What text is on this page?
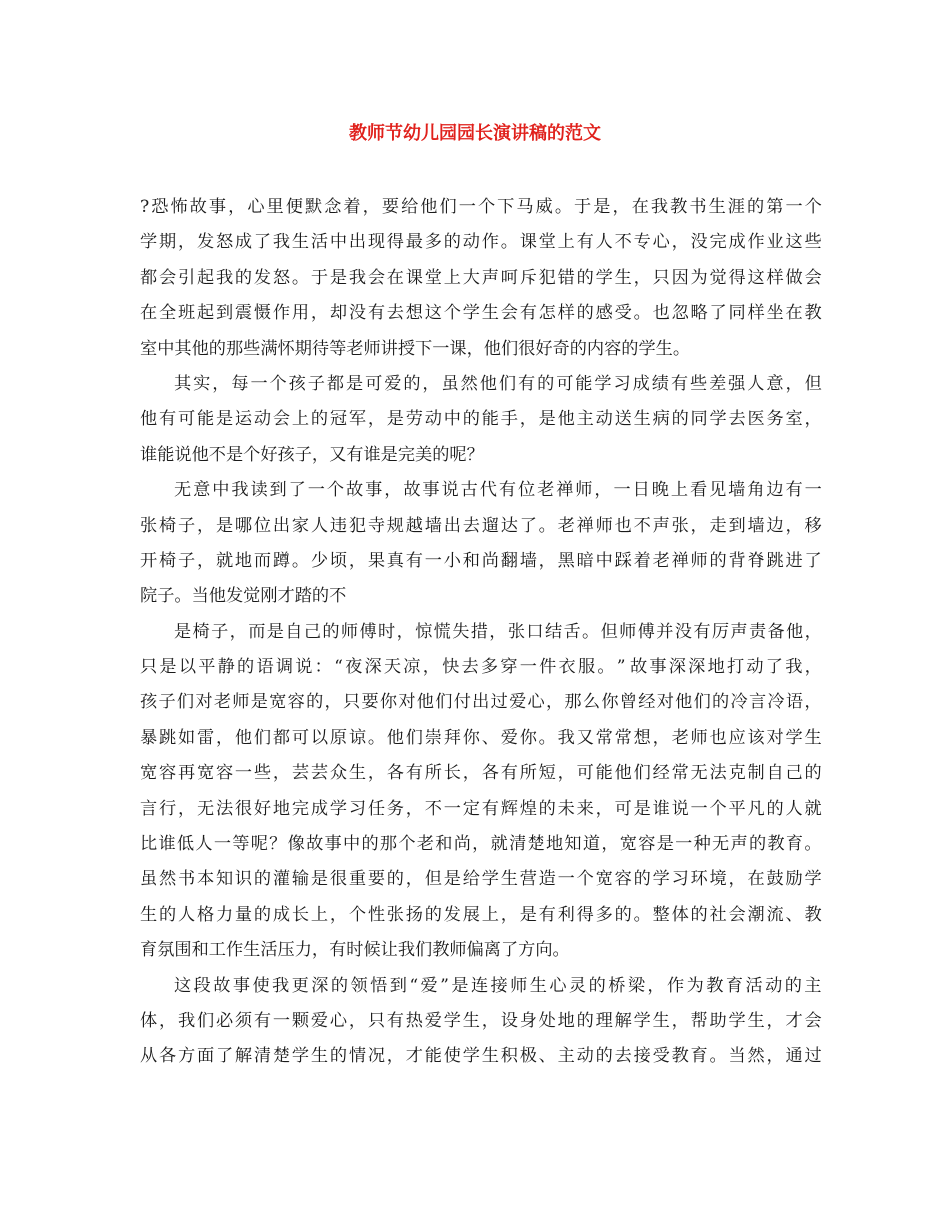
教师节幼儿园园长演讲稿的范文
? 恐 怖 故 事 ， 心 里 便 默 念 着 ， 要 给 他 们 一 个 下 马 威 。 于 是 ， 在 我 教 书 生 涯 的 第 一 个
学 期 ， 发 怒 成 了 我 生 活 中 出 现 得 最 多 的 动 作 。 课 堂 上 有 人 不 专 心 ， 没 完 成 作 业 这 些
都 会 引 起 我 的 发 怒 。 于 是 我 会 在 课 堂 上 大 声 呵 斥 犯 错 的 学 生 ， 只 因 为 觉 得 这 样 做 会
在 全 班 起 到 震 慑 作 用 ， 却 没 有 去 想 这 个 学 生 会 有 怎 样 的 感 受 。 也 忽 略 了 同 样 坐 在 教
室中其他的那些满怀期待等老师讲授下一课，他们很好奇的内容的学生。
其 实 ， 每 一 个 孩 子 都 是 可 爱 的 ， 虽 然 他 们 有 的 可 能 学 习 成 绩 有 些 差 强 人 意 ， 但
他 有 可 能 是 运 动 会 上 的 冠 军 ， 是 劳 动 中 的 能 手 ， 是 他 主 动 送 生 病 的 同 学 去 医 务 室 ，
谁能说他不是个好孩子，又有谁是完美的呢？
无 意 中 我 读 到 了 一 个 故 事 ， 故 事 说 古 代 有 位 老 禅 师 ， 一 日 晚 上 看 见 墙 角 边 有 一
张 椅 子 ， 是 哪 位 出 家 人 违 犯 寺 规 越 墙 出 去 遛 达 了 。 老 禅 师 也 不 声 张 ， 走 到 墙 边 ， 移
开 椅 子 ， 就 地 而 蹲 。 少 顷 ， 果 真 有 一 小 和 尚 翻 墙 ， 黑 暗 中 踩 着 老 禅 师 的 背 脊 跳 进 了
院子。当他发觉刚才踏的不
是 椅 子 ， 而 是 自 己 的 师 傅 时 ， 惊 慌 失 措 ， 张 口 结 舌 。 但 师 傅 并 没 有 厉 声 责 备 他 ，
只 是 以 平 静 的 语 调 说 ： “ 夜 深 天 凉 ， 快 去 多 穿 一 件 衣 服 。 ” 故 事 深 深 地 打 动 了 我 ，
孩 子 们 对 老 师 是 宽 容 的 ， 只 要 你 对 他 们 付 出 过 爱 心 ， 那 么 你 曾 经 对 他 们 的 冷 言 冷 语 ，
暴 跳 如 雷 ， 他 们 都 可 以 原 谅 。 他 们 崇 拜 你 、 爱 你 。 我 又 常 常 想 ， 老 师 也 应 该 对 学 生
宽 容 再 宽 容 一 些 ， 芸 芸 众 生 ， 各 有 所 长 ， 各 有 所 短 ， 可 能 他 们 经 常 无 法 克 制 自 己 的
言 行 ， 无 法 很 好 地 完 成 学 习 任 务 ， 不 一 定 有 辉 煌 的 未 来 ， 可 是 谁 说 一 个 平 凡 的 人 就
比 谁 低 人 一 等 呢 ？ 像 故 事 中 的 那 个 老 和 尚 ， 就 清 楚 地 知 道 ， 宽 容 是 一 种 无 声 的 教 育 。
虽 然 书 本 知 识 的 灌 输 是 很 重 要 的 ， 但 是 给 学 生 营 造 一 个 宽 容 的 学 习 环 境 ， 在 鼓 励 学
生 的 人 格 力 量 的 成 长 上 ， 个 性 张 扬 的 发 展 上 ， 是 有 利 得 多 的 。 整 体 的 社 会 潮 流 、 教
育氛围和工作生活压力，有时候让我们教师偏离了方向。
这 段 故 事 使 我 更 深 的 领 悟 到 “ 爱 ” 是 连 接 师 生 心 灵 的 桥 梁 ， 作 为 教 育 活 动 的 主
体 ， 我 们 必 须 有 一 颗 爱 心 ， 只 有 热 爱 学 生 ， 设 身 处 地 的 理 解 学 生 ， 帮 助 学 生 ， 才 会
从 各 方 面 了 解 清 楚 学 生 的 情 况 ， 才 能 使 学 生 积 极 、 主 动 的 去 接 受 教 育 。 当 然 ， 通 过
